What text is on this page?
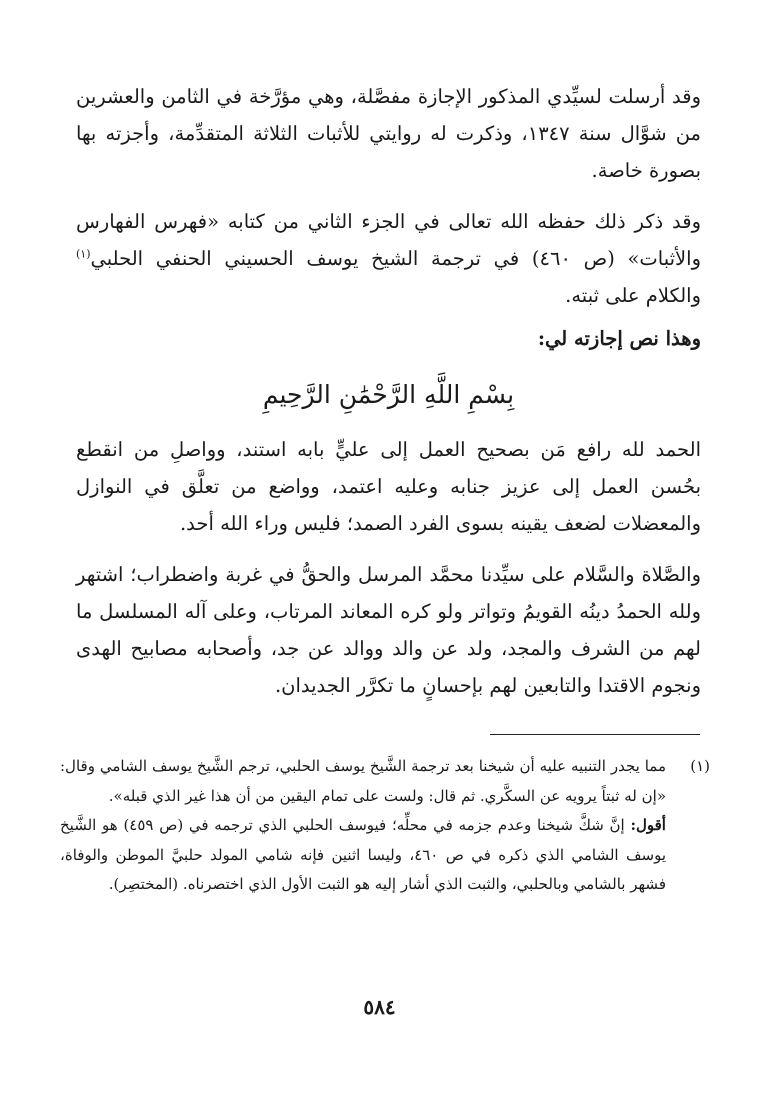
وقد أرسلت لسيِّدي المذكور الإجازة مفصَّلة، وهي مؤرَّخة في الثامن والعشرين من شوَّال سنة ١٣٤٧، وذكرت له روايتي للأثبات الثلاثة المتقدِّمة، وأجزته بها بصورة خاصة.

وقد ذكر ذلك حفظه الله تعالى في الجزء الثاني من كتابه «فهرس الفهارس والأثبات» (ص ٤٦٠) في ترجمة الشيخ يوسف الحسيني الحنفي الحلبي$^{(١)}$ والكلام على ثبته.

وهذا نص إجازته لي:

بِسْمِ اللَّهِ الرَّحْمَٰنِ الرَّحِيمِ

الحمد لله رافع مَن بصحيح العمل إلى عليٍّ بابه استند، وواصلِ من انقطع بحُسن العمل إلى عزيز جنابه وعليه اعتمد، وواضع من تعلَّق في النوازل والمعضلات لضعف يقينه بسوى الفرد الصمد؛ فليس وراء الله أحد.

والصَّلاة والسَّلام على سيِّدنا محمَّد المرسل والحقُّ في غربة واضطراب؛ اشتهر ولله الحمدُ دينُه القويمُ وتواتر ولو كره المعاند المرتاب، وعلى آله المسلسل ما لهم من الشرف والمجد، ولد عن والد ووالد عن جد، وأصحابه مصابيح الهدى ونجوم الاقتدا والتابعين لهم بإحسانٍ ما تكرَّر الجديدان.

(١)

مما يجدر التنبيه عليه أن شيخنا بعد ترجمة الشَّيخ يوسف الحلبي، ترجم الشَّيخ يوسف الشامي وقال: «إن له ثبتاً يرويه عن السكَّري. ثم قال: ولست على تمام اليقين من أن هذا غير الذي قبله».

أقول: إنَّ شكَّ شيخنا وعدم جزمه في محلِّه؛ فيوسف الحلبي الذي ترجمه في (ص ٤٥٩) هو الشَّيخ يوسف الشامي الذي ذكره في ص ٤٦٠، وليسا اثنين فإنه شامي المولد حلبيَّ الموطن والوفاة، فشهر بالشامي وبالحلبي، والثبت الذي أشار إليه هو الثبت الأول الذي اختصرناه. (المختصِر).

٥٨٤
